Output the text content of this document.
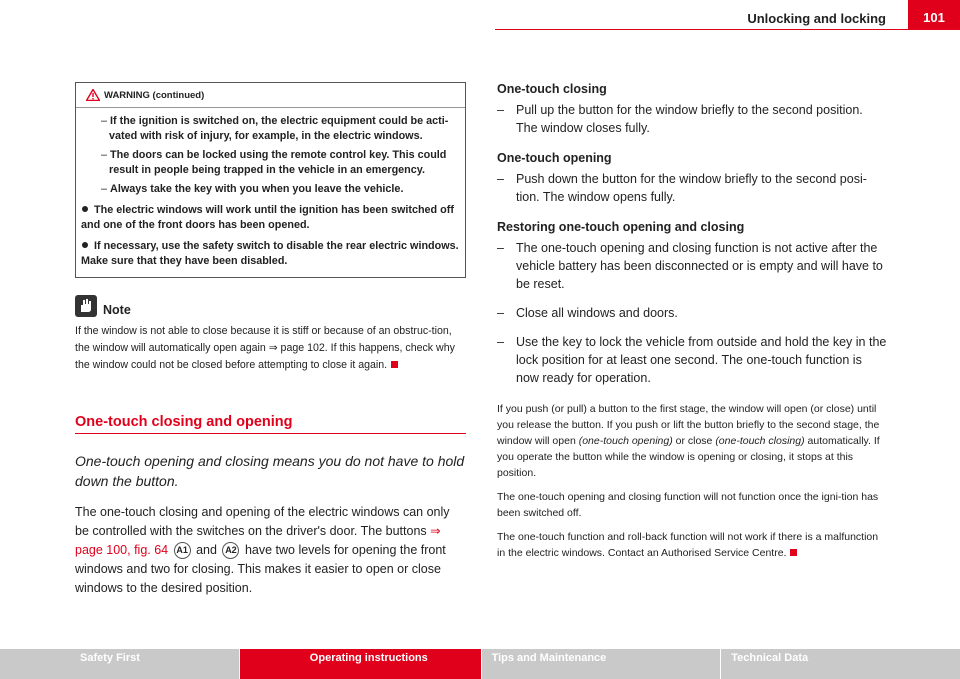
Unlocking and locking	101
WARNING (continued)
– If the ignition is switched on, the electric equipment could be acti-vated with risk of injury, for example, in the electric windows.
– The doors can be locked using the remote control key. This could result in people being trapped in the vehicle in an emergency.
– Always take the key with you when you leave the vehicle.
The electric windows will work until the ignition has been switched off and one of the front doors has been opened.
If necessary, use the safety switch to disable the rear electric windows. Make sure that they have been disabled.
Note
If the window is not able to close because it is stiff or because of an obstruc-tion, the window will automatically open again ⇒ page 102. If this happens, check why the window could not be closed before attempting to close it again.
One-touch closing and opening
One-touch opening and closing means you do not have to hold down the button.
The one-touch closing and opening of the electric windows can only be controlled with the switches on the driver's door. The buttons ⇒ page 100, fig. 64 A1 and A2 have two levels for opening the front windows and two for closing. This makes it easier to open or close windows to the desired position.
One-touch closing
– Pull up the button for the window briefly to the second position. The window closes fully.
One-touch opening
– Push down the button for the window briefly to the second posi-tion. The window opens fully.
Restoring one-touch opening and closing
– The one-touch opening and closing function is not active after the vehicle battery has been disconnected or is empty and will have to be reset.
– Close all windows and doors.
– Use the key to lock the vehicle from outside and hold the key in the lock position for at least one second. The one-touch function is now ready for operation.
If you push (or pull) a button to the first stage, the window will open (or close) until you release the button. If you push or lift the button briefly to the second stage, the window will open (one-touch opening) or close (one-touch closing) automatically. If you operate the button while the window is opening or closing, it stops at this position.
The one-touch opening and closing function will not function once the igni-tion has been switched off.
The one-touch function and roll-back function will not work if there is a malfunction in the electric windows. Contact an Authorised Service Centre.
Safety First	Operating instructions	Tips and Maintenance	Technical Data
